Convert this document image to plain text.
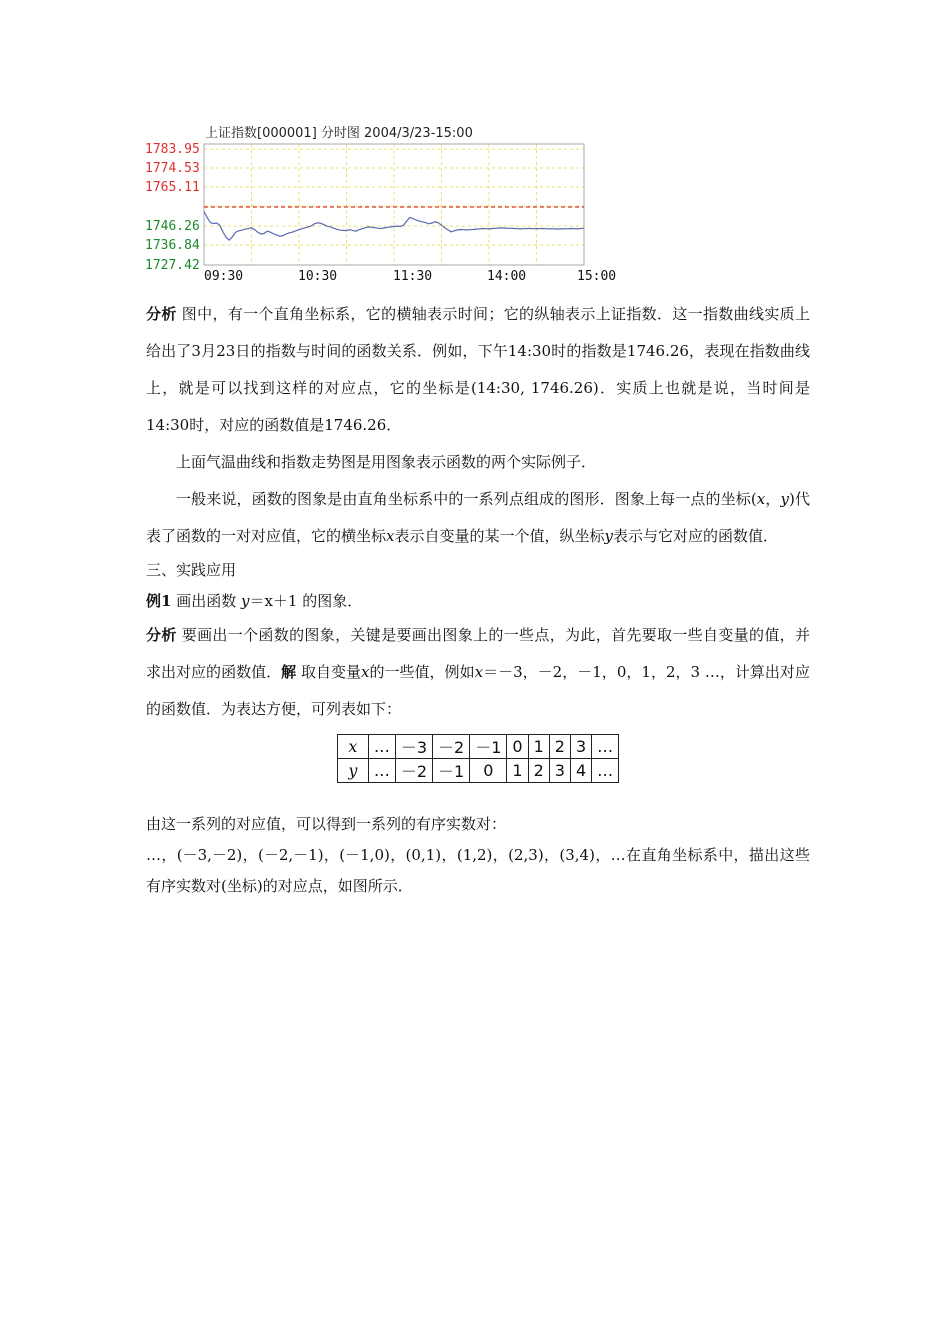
上证指数[000001] 分时图 2004/3/23-15:00
1783.95
1774.53
1765.11
1746.26
1736.84
1727.42
09:30	10:30	11:30	14:00	15:00

分析 图中，有一个直角坐标系，它的横轴表示时间；它的纵轴表示上证指数．这一指数曲线实质上给出了3月23日的指数与时间的函数关系．例如，下午14:30时的指数是1746.26，表现在指数曲线上，就是可以找到这样的对应点，它的坐标是(14:30, 1746.26)．实质上也就是说，当时间是14:30时，对应的函数值是1746.26．

上面气温曲线和指数走势图是用图象表示函数的两个实际例子．

一般来说，函数的图象是由直角坐标系中的一系列点组成的图形．图象上每一点的坐标(x，y)代表了函数的一对对应值，它的横坐标x表示自变量的某一个值，纵坐标y表示与它对应的函数值．

三、实践应用

例1 画出函数 y＝x＋1 的图象．

分析 要画出一个函数的图象，关键是要画出图象上的一些点，为此，首先要取一些自变量的值，并求出对应的函数值．解 取自变量x的一些值，例如x＝－3，－2，－1，0，1，2，3 …，计算出对应的函数值．为表达方便，可列表如下：

x	…	－3	－2	－1	0	1	2	3	…
y	…	－2	－1	0	1	2	3	4	…

由这一系列的对应值，可以得到一系列的有序实数对：

…，(－3,－2)，(－2,－1)，(－1,0)，(0,1)，(1,2)，(2,3)，(3,4)，…在直角坐标系中，描出这些有序实数对(坐标)的对应点，如图所示．
